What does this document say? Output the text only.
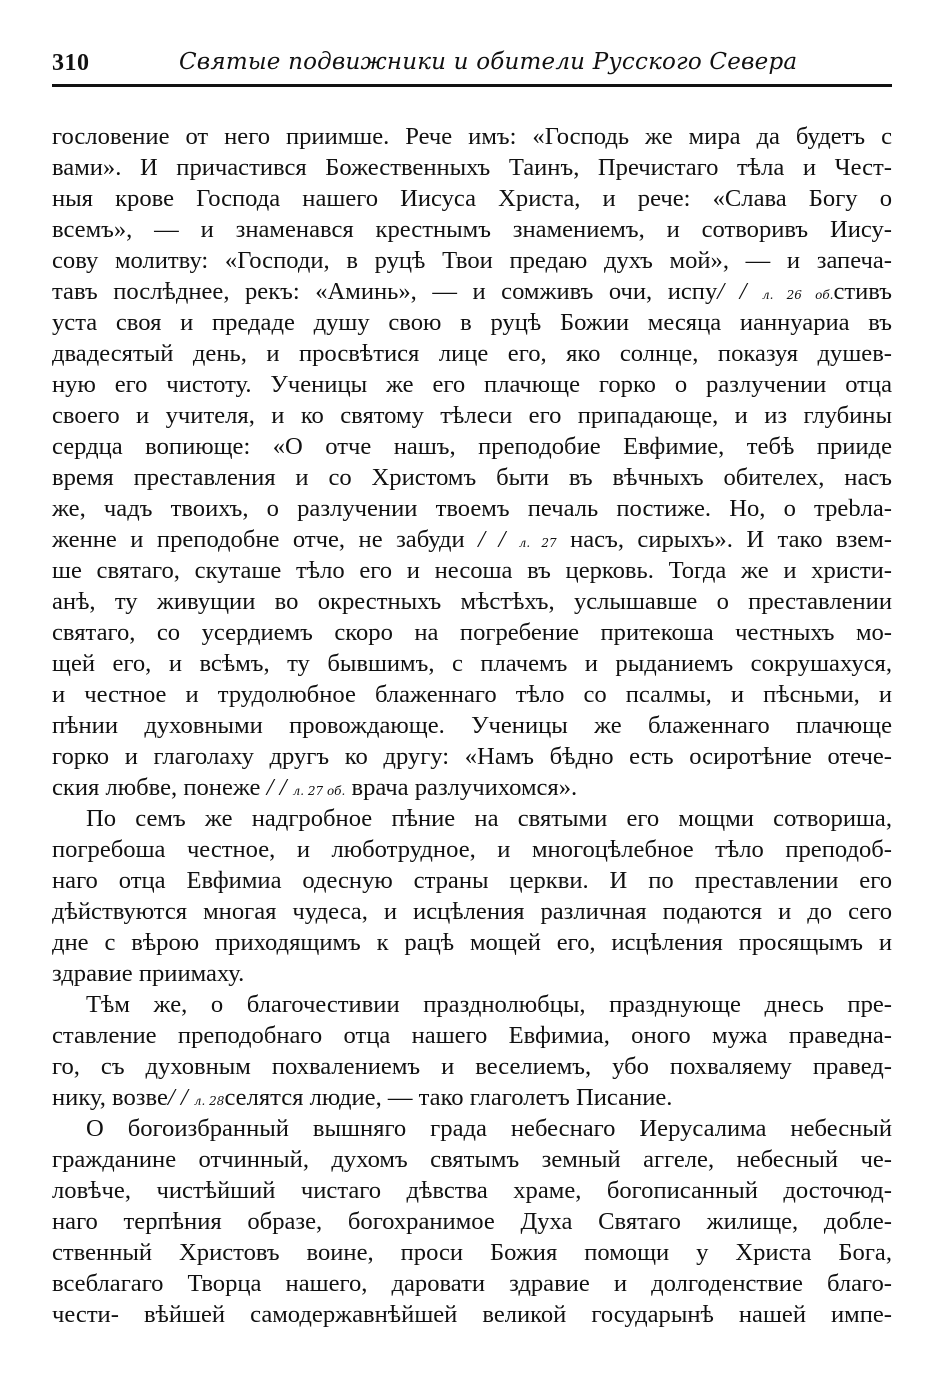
310	Святые подвижники и обители Русского Севера
гословение от него приимше. Рече имъ: «Господь же мира да будетъ с
вами». И причастився Божественныхъ Таинъ, Пречистаго тѣла и Чест-
ныя крове Господа нашего Иисуса Христа, и рече: «Слава Богу о
всемъ», — и знаменався крестнымъ знамениемъ, и сотворивъ Иису-
сову молитву: «Господи, в руцѣ Твои предаю духъ мой», — и запеча-
тавъ послѣднее, рекъ: «Аминь», — и сомживъ очи, испу/ / л. 26 об.стивъ
уста своя и предаде душу свою в руцѣ Божии месяца ианнуариа въ
двадесятый день, и просвѣтися лице его, яко солнце, показуя душев-
ную его чистоту. Ученицы же его плачюще горко о разлучении отца
своего и учителя, и ко святому тѣлеси его припадающе, и из глубины
сердца вопиюще: «О отче нашъ, преподобие Евфимие, тебѣ прииде
время преставления и со Христомъ быти въ вѣчныхъ обителех, насъ
же, чадъ твоихъ, о разлучении твоемъ печаль постиже. Но, о трebла-
женне и преподобне отче, не забуди / / л. 27 насъ, сирыхъ». И тако взем-
ше святаго, скуташе тѣло его и несоша въ церковь. Тогда же и христи-
анѣ, ту живущии во окрестныхъ мѣстѣхъ, услышавше о преставлении
святаго, со усердиемъ скоро на погребение притекоша честныхъ мо-
щей его, и всѣмъ, ту бывшимъ, с плачемъ и рыданиемъ сокрушахуся,
и честное и трудолюбное блаженнаго тѣло со псалмы, и пѣсньми, и
пѣнии духовными провождающе. Ученицы же блаженнаго плачюще
горко и глаголаху другъ ко другу: «Намъ бѣдно есть осиротѣние отече-
ския любве, понеже / / л. 27 об. врача разлучихомся».
По семъ же надгробное пѣние на святыми его мощми сотвориша,
погребоша честное, и люботрудное, и многоцѣлебное тѣло преподоб-
наго отца Евфимиа одесную страны церкви. И по преставлении его
дѣйствуются многая чудеса, и исцѣления различная подаются и до сего
дне с вѣрою приходящимъ к рацѣ мощей его, исцѣления просящымъ и
здравие приимаху.
Тѣм же, о благочестивии празднолюбцы, празднующе днесь пре-
ставление преподобнаго отца нашего Евфимиа, оного мужа праведна-
го, съ духовным похвалениемъ и веселиемъ, убо похваляему правед-
нику, возве/ / л. 28селятся людие, — тако глаголетъ Писание.
О богоизбранный вышняго града небеснаго Иерусалима небесный
гражданине отчинный, духомъ святымъ земный аггеле, небесный че-
ловѣче, чистѣйший чистаго дѣвства храме, богописанный досточюд-
наго терпѣния образе, богохранимое Духа Святаго жилище, добле-
ственный Христовъ воине, проси Божия помощи у Христа Бога,
всеблагаго Творца нашего, даровати здравие и долгоденствие благо-
чести- вѣйшей самодержавнѣйшей великой государынѣ нашей импе-
